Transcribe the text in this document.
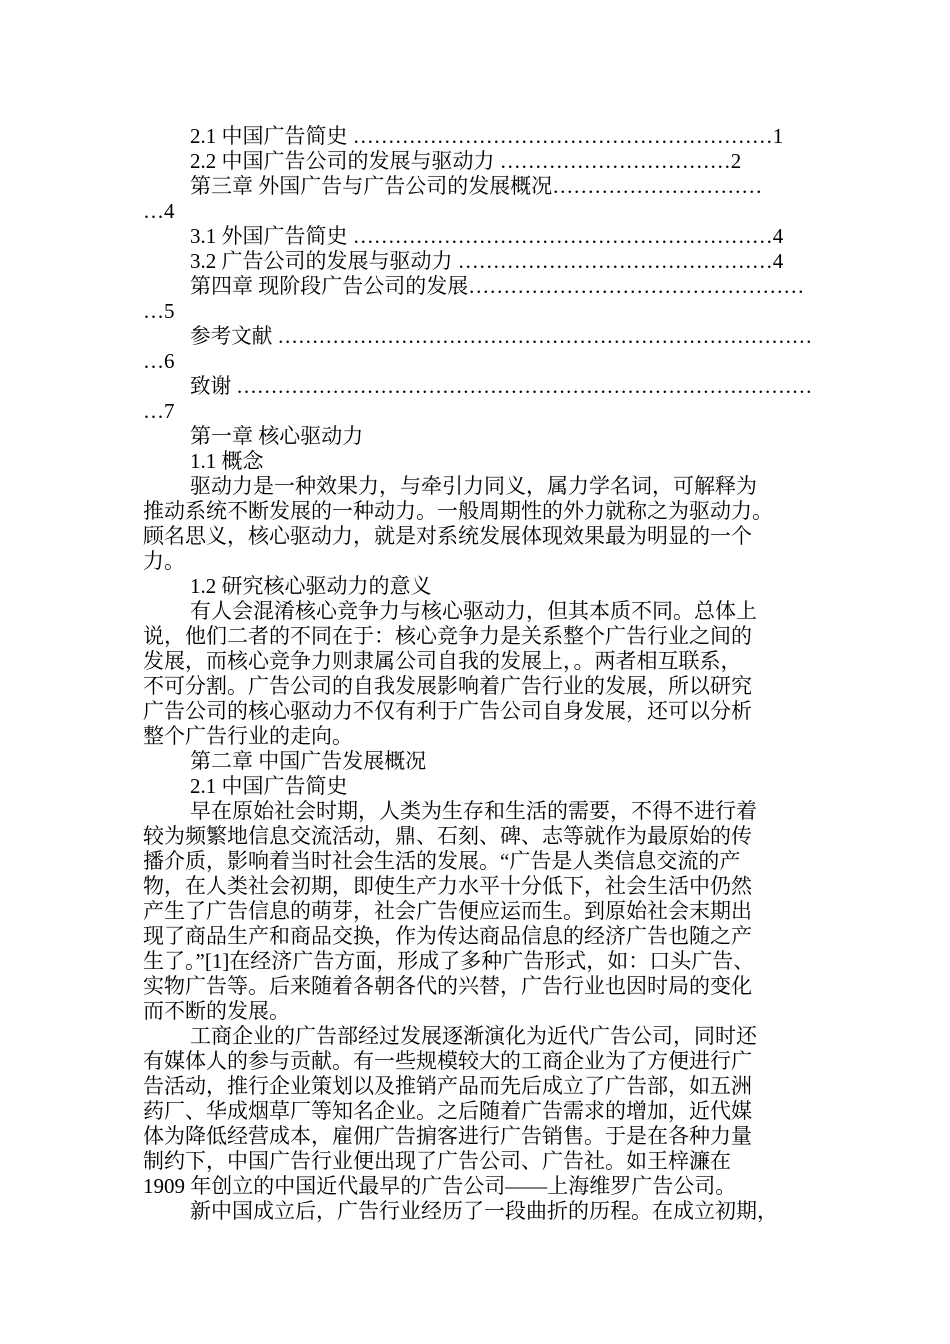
2.1 中国广告简史 ……………………………………………………1
2.2 中国广告公司的发展与驱动力 ……………………………2
第三章 外国广告与广告公司的发展概况…………………………
…4
3.1 外国广告简史 ……………………………………………………4
3.2 广告公司的发展与驱动力 ………………………………………4
第四章 现阶段广告公司的发展…………………………………………
…5
参考文献 ……………………………………………………………………
…6
致谢 …………………………………………………………………………
…7
第一章 核心驱动力
1.1 概念
驱动力是一种效果力，与牵引力同义，属力学名词，可解释为
推动系统不断发展的一种动力。一般周期性的外力就称之为驱动力。
顾名思义，核心驱动力，就是对系统发展体现效果最为明显的一个
力。
1.2 研究核心驱动力的意义
有人会混淆核心竞争力与核心驱动力，但其本质不同。总体上
说，他们二者的不同在于：核心竞争力是关系整个广告行业之间的
发展，而核心竞争力则隶属公司自我的发展上，。两者相互联系，
不可分割。广告公司的自我发展影响着广告行业的发展，所以研究
广告公司的核心驱动力不仅有利于广告公司自身发展，还可以分析
整个广告行业的走向。
第二章 中国广告发展概况
2.1 中国广告简史
早在原始社会时期，人类为生存和生活的需要，不得不进行着
较为频繁地信息交流活动，鼎、石刻、碑、志等就作为最原始的传
播介质，影响着当时社会生活的发展。“广告是人类信息交流的产
物，在人类社会初期，即使生产力水平十分低下，社会生活中仍然
产生了广告信息的萌芽，社会广告便应运而生。到原始社会末期出
现了商品生产和商品交换，作为传达商品信息的经济广告也随之产
生了。”[1]在经济广告方面，形成了多种广告形式，如：口头广告、
实物广告等。后来随着各朝各代的兴替，广告行业也因时局的变化
而不断的发展。
工商企业的广告部经过发展逐渐演化为近代广告公司，同时还
有媒体人的参与贡献。有一些规模较大的工商企业为了方便进行广
告活动，推行企业策划以及推销产品而先后成立了广告部，如五洲
药厂、华成烟草厂等知名企业。之后随着广告需求的增加，近代媒
体为降低经营成本，雇佣广告掮客进行广告销售。于是在各种力量
制约下，中国广告行业便出现了广告公司、广告社。如王梓濂在
1909 年创立的中国近代最早的广告公司——上海维罗广告公司。
新中国成立后，广告行业经历了一段曲折的历程。在成立初期，
